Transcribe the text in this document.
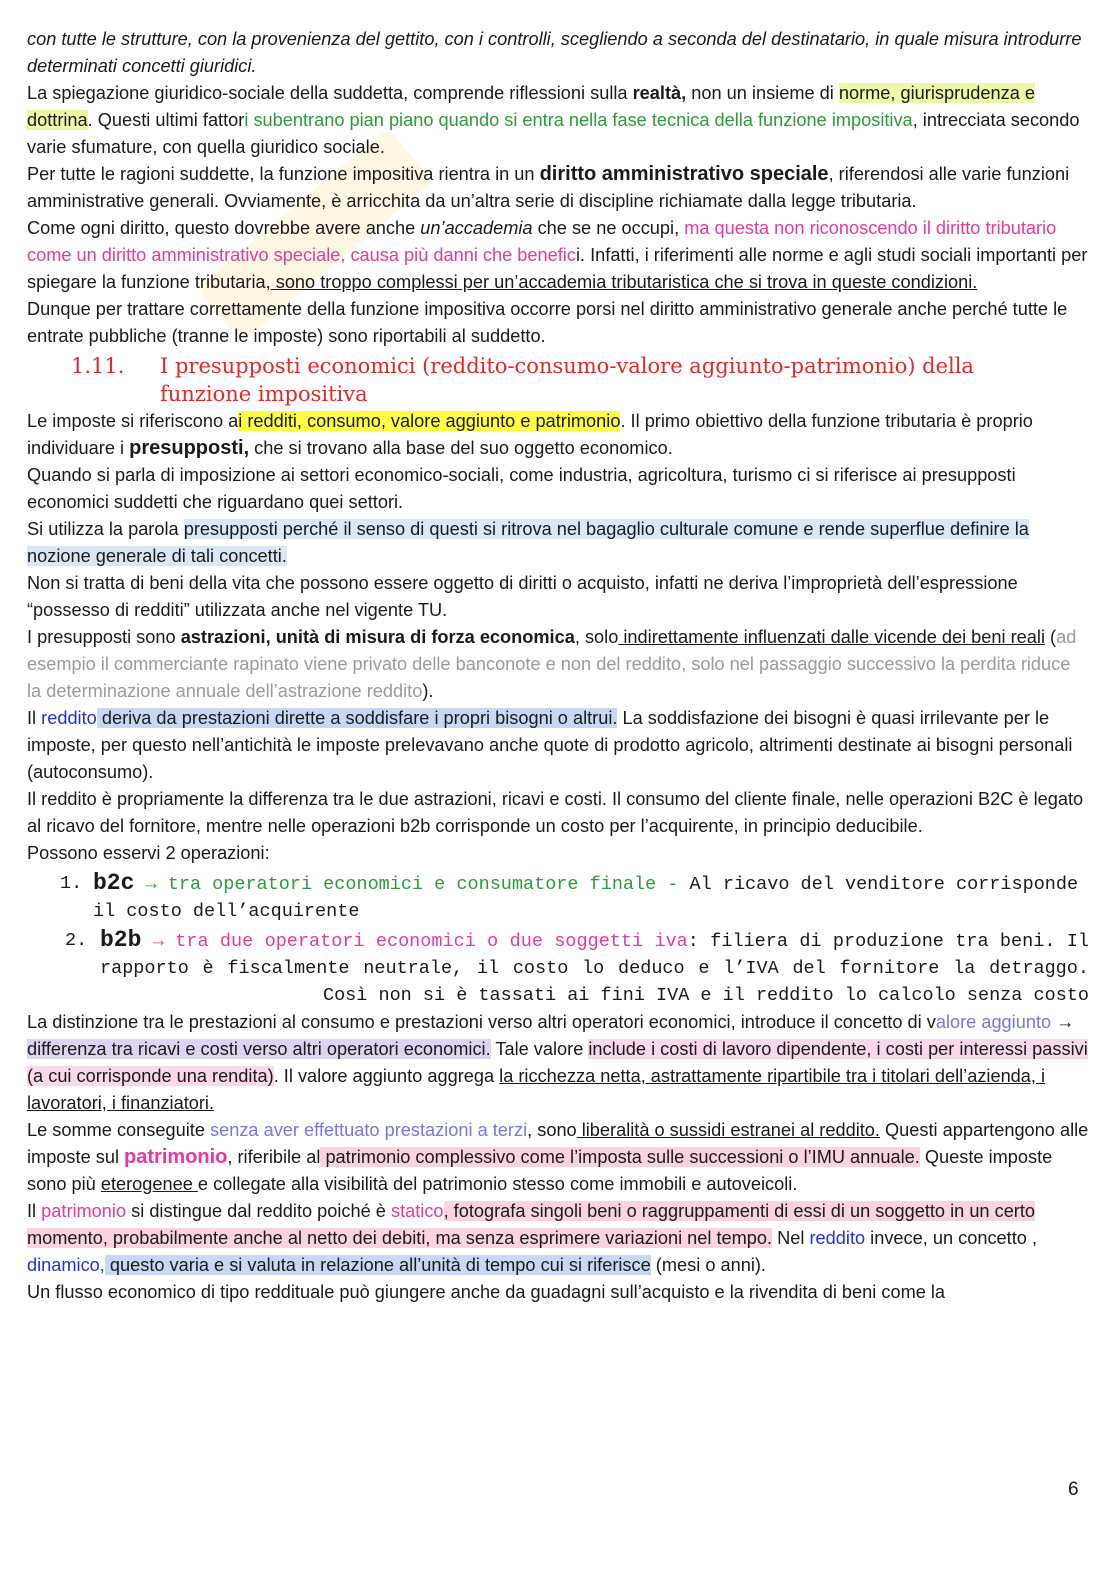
con tutte le strutture, con la provenienza del gettito, con i controlli, scegliendo a seconda del destinatario, in quale misura introdurre determinati concetti giuridici.

La spiegazione giuridico-sociale della suddetta, comprende riflessioni sulla realtà, non un insieme di norme, giurisprudenza e dottrina. Questi ultimi fattori subentrano pian piano quando si entra nella fase tecnica della funzione impositiva, intrecciata secondo varie sfumature, con quella giuridico sociale.

Per tutte le ragioni suddette, la funzione impositiva rientra in un diritto amministrativo speciale, riferendosi alle varie funzioni amministrative generali. Ovviamente, è arricchita da un’altra serie di discipline richiamate dalla legge tributaria.

Come ogni diritto, questo dovrebbe avere anche un’accademia che se ne occupi, ma questa non riconoscendo il diritto tributario come un diritto amministrativo speciale, causa più danni che benefici. Infatti, i riferimenti alle norme e agli studi sociali importanti per spiegare la funzione tributaria, sono troppo complessi per un’accademia tributaristica che si trova in queste condizioni.

Dunque per trattare correttamente della funzione impositiva occorre porsi nel diritto amministrativo generale anche perché tutte le entrate pubbliche (tranne le imposte) sono riportabili al suddetto.

1.11. I presupposti economici (reddito-consumo-valore aggiunto-patrimonio) della funzione impositiva

Le imposte si riferiscono ai redditi, consumo, valore aggiunto e patrimonio. Il primo obiettivo della funzione tributaria è proprio individuare i presupposti, che si trovano alla base del suo oggetto economico.

Quando si parla di imposizione ai settori economico-sociali, come industria, agricoltura, turismo ci si riferisce ai presupposti economici suddetti che riguardano quei settori.

Si utilizza la parola presupposti perché il senso di questi si ritrova nel bagaglio culturale comune e rende superflue definire la nozione generale di tali concetti.

Non si tratta di beni della vita che possono essere oggetto di diritti o acquisto, infatti ne deriva l’improprietà dell’espressione “possesso di redditi” utilizzata anche nel vigente TU.

I presupposti sono astrazioni, unità di misura di forza economica, solo indirettamente influenzati dalle vicende dei beni reali (ad esempio il commerciante rapinato viene privato delle banconote e non del reddito, solo nel passaggio successivo la perdita riduce la determinazione annuale dell’astrazione reddito).

Il reddito deriva da prestazioni dirette a soddisfare i propri bisogni o altrui. La soddisfazione dei bisogni è quasi irrilevante per le imposte, per questo nell’antichità le imposte prelevavano anche quote di prodotto agricolo, altrimenti destinate ai bisogni personali (autoconsumo).

Il reddito è propriamente la differenza tra le due astrazioni, ricavi e costi. Il consumo del cliente finale, nelle operazioni B2C è legato al ricavo del fornitore, mentre nelle operazioni b2b corrisponde un costo per l’acquirente, in principio deducibile.

Possono esservi 2 operazioni:

1. b2c → tra operatori economici e consumatore finale - Al ricavo del venditore corrisponde il costo dell’acquirente
2. b2b → tra due operatori economici o due soggetti iva: filiera di produzione tra beni. Il rapporto è fiscalmente neutrale, il costo lo deduco e l’IVA del fornitore la detraggo. Così non si è tassati ai fini IVA e il reddito lo calcolo senza costo

La distinzione tra le prestazioni al consumo e prestazioni verso altri operatori economici, introduce il concetto di valore aggiunto → differenza tra ricavi e costi verso altri operatori economici. Tale valore include i costi di lavoro dipendente, i costi per interessi passivi (a cui corrisponde una rendita). Il valore aggiunto aggrega la ricchezza netta, astrattamente ripartibile tra i titolari dell’azienda, i lavoratori, i finanziatori.

Le somme conseguite senza aver effettuato prestazioni a terzi, sono liberalità o sussidi estranei al reddito. Questi appartengono alle imposte sul patrimonio, riferibile al patrimonio complessivo come l’imposta sulle successioni o l’IMU annuale. Queste imposte sono più eterogenee e collegate alla visibilità del patrimonio stesso come immobili e autoveicoli.

Il patrimonio si distingue dal reddito poiché è statico, fotografa singoli beni o raggruppamenti di essi di un soggetto in un certo momento, probabilmente anche al netto dei debiti, ma senza esprimere variazioni nel tempo. Nel reddito invece, un concetto , dinamico, questo varia e si valuta in relazione all’unità di tempo cui si riferisce (mesi o anni).

Un flusso economico di tipo reddituale può giungere anche da guadagni sull’acquisto e la rivendita di beni come la

6
